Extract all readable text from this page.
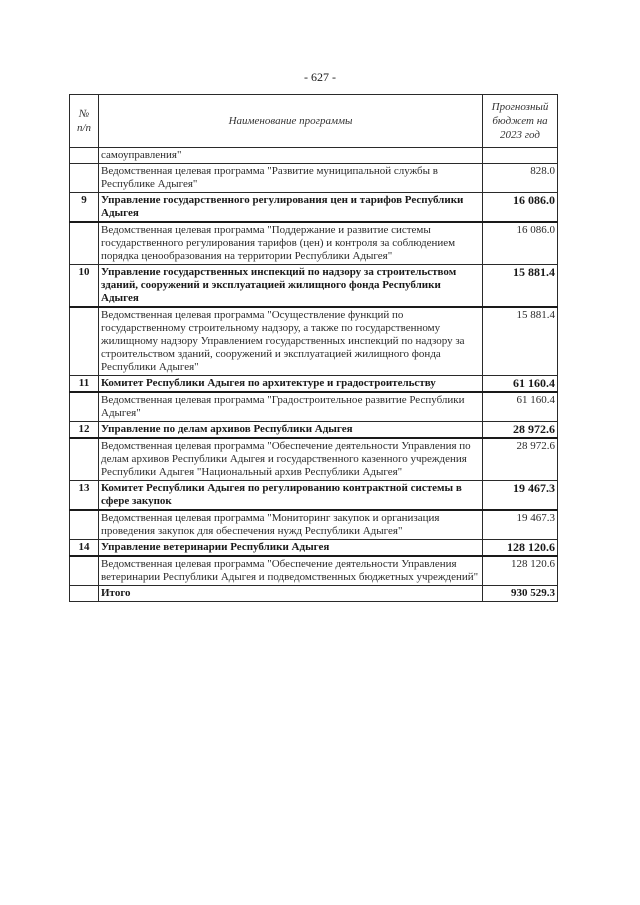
- 627 -
№
п/п	Наименование программы	Прогнозный бюджет на 2023 год
	самоуправления"	
	Ведомственная целевая программа "Развитие муниципальной службы в Республике Адыгея"	828.0
9	Управление государственного регулирования цен и тарифов Республики Адыгея	16 086.0
	Ведомственная целевая программа "Поддержание и развитие системы государственного регулирования тарифов (цен) и контроля за соблюдением порядка ценообразования на территории Республики Адыгея"	16 086.0
10	Управление государственных инспекций по надзору за строительством зданий, сооружений и эксплуатацией жилищного фонда Республики Адыгея	15 881.4
	Ведомственная целевая программа "Осуществление функций по государственному строительному надзору, а также по государственному жилищному надзору Управлением государственных инспекций по надзору за строительством зданий, сооружений и эксплуатацией жилищного фонда Республики Адыгея"	15 881.4
11	Комитет Республики Адыгея по архитектуре и градостроительству	61 160.4
	Ведомственная целевая программа "Градостроительное развитие Республики Адыгея"	61 160.4
12	Управление по делам архивов Республики Адыгея	28 972.6
	Ведомственная целевая программа "Обеспечение деятельности Управления по делам архивов Республики Адыгея и государственного казенного учреждения Республики Адыгея "Национальный архив Республики Адыгея"	28 972.6
13	Комитет Республики Адыгея по регулированию контрактной системы в сфере закупок	19 467.3
	Ведомственная целевая программа "Мониторинг закупок и организация проведения закупок для обеспечения нужд Республики Адыгея"	19 467.3
14	Управление ветеринарии Республики Адыгея	128 120.6
	Ведомственная целевая программа "Обеспечение деятельности Управления ветеринарии Республики Адыгея и подведомственных бюджетных учреждений"	128 120.6
	Итого	930 529.3
